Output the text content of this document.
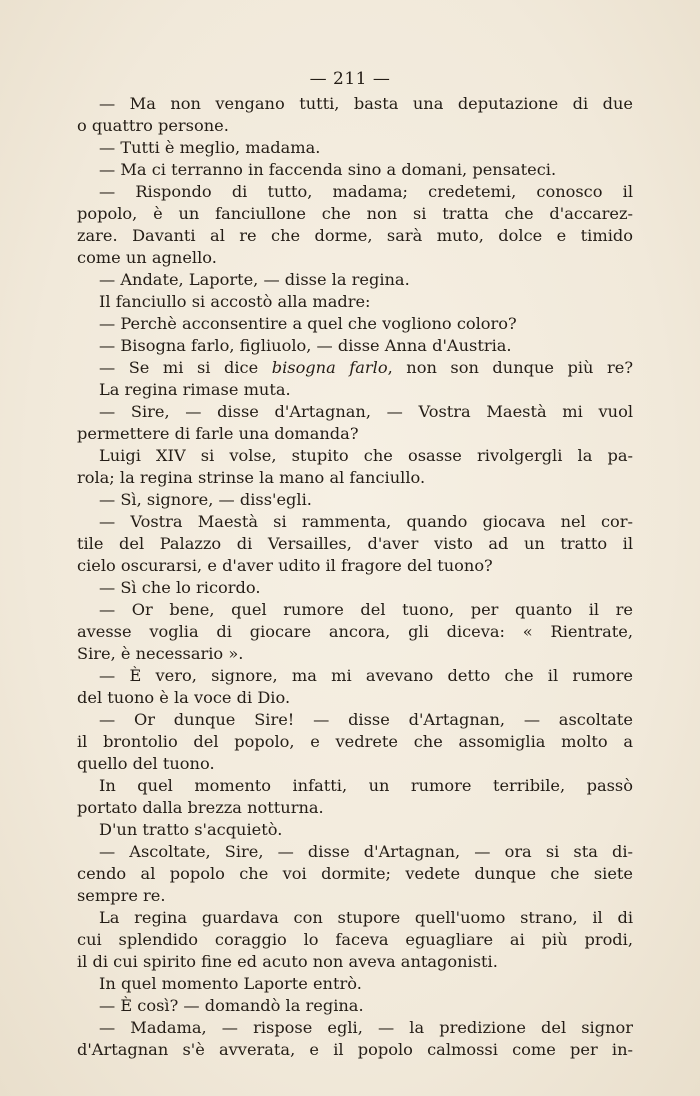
— 211 —
— Ma non vengano tutti, basta una deputazione di due
o quattro persone.
— Tutti è meglio, madama.
— Ma ci terranno in faccenda sino a domani, pensateci.
— Rispondo di tutto, madama; credetemi, conosco il
popolo, è un fanciullone che non si tratta che d'accarez-
zare. Davanti al re che dorme, sarà muto, dolce e timido
come un agnello.
— Andate, Laporte, — disse la regina.
Il fanciullo si accostò alla madre:
— Perchè acconsentire a quel che vogliono coloro?
— Bisogna farlo, figliuolo, — disse Anna d'Austria.
— Se mi si dice bisogna farlo, non son dunque più re?
La regina rimase muta.
— Sire, — disse d'Artagnan, — Vostra Maestà mi vuol
permettere di farle una domanda?
Luigi XIV si volse, stupito che osasse rivolgergli la pa-
rola; la regina strinse la mano al fanciullo.
— Sì, signore, — diss'egli.
— Vostra Maestà si rammenta, quando giocava nel cor-
tile del Palazzo di Versailles, d'aver visto ad un tratto il
cielo oscurarsi, e d'aver udito il fragore del tuono?
— Sì che lo ricordo.
— Or bene, quel rumore del tuono, per quanto il re
avesse voglia di giocare ancora, gli diceva: « Rientrate,
Sire, è necessario ».
— È vero, signore, ma mi avevano detto che il rumore
del tuono è la voce di Dio.
— Or dunque Sire! — disse d'Artagnan, — ascoltate
il brontolio del popolo, e vedrete che assomiglia molto a
quello del tuono.
In quel momento infatti, un rumore terribile, passò
portato dalla brezza notturna.
D'un tratto s'acquietò.
— Ascoltate, Sire, — disse d'Artagnan, — ora si sta di-
cendo al popolo che voi dormite; vedete dunque che siete
sempre re.
La regina guardava con stupore quell'uomo strano, il di
cui splendido coraggio lo faceva eguagliare ai più prodi,
il di cui spirito fine ed acuto non aveva antagonisti.
In quel momento Laporte entrò.
— È così? — domandò la regina.
— Madama, — rispose egli, — la predizione del signor
d'Artagnan s'è avverata, e il popolo calmossi come per in-
